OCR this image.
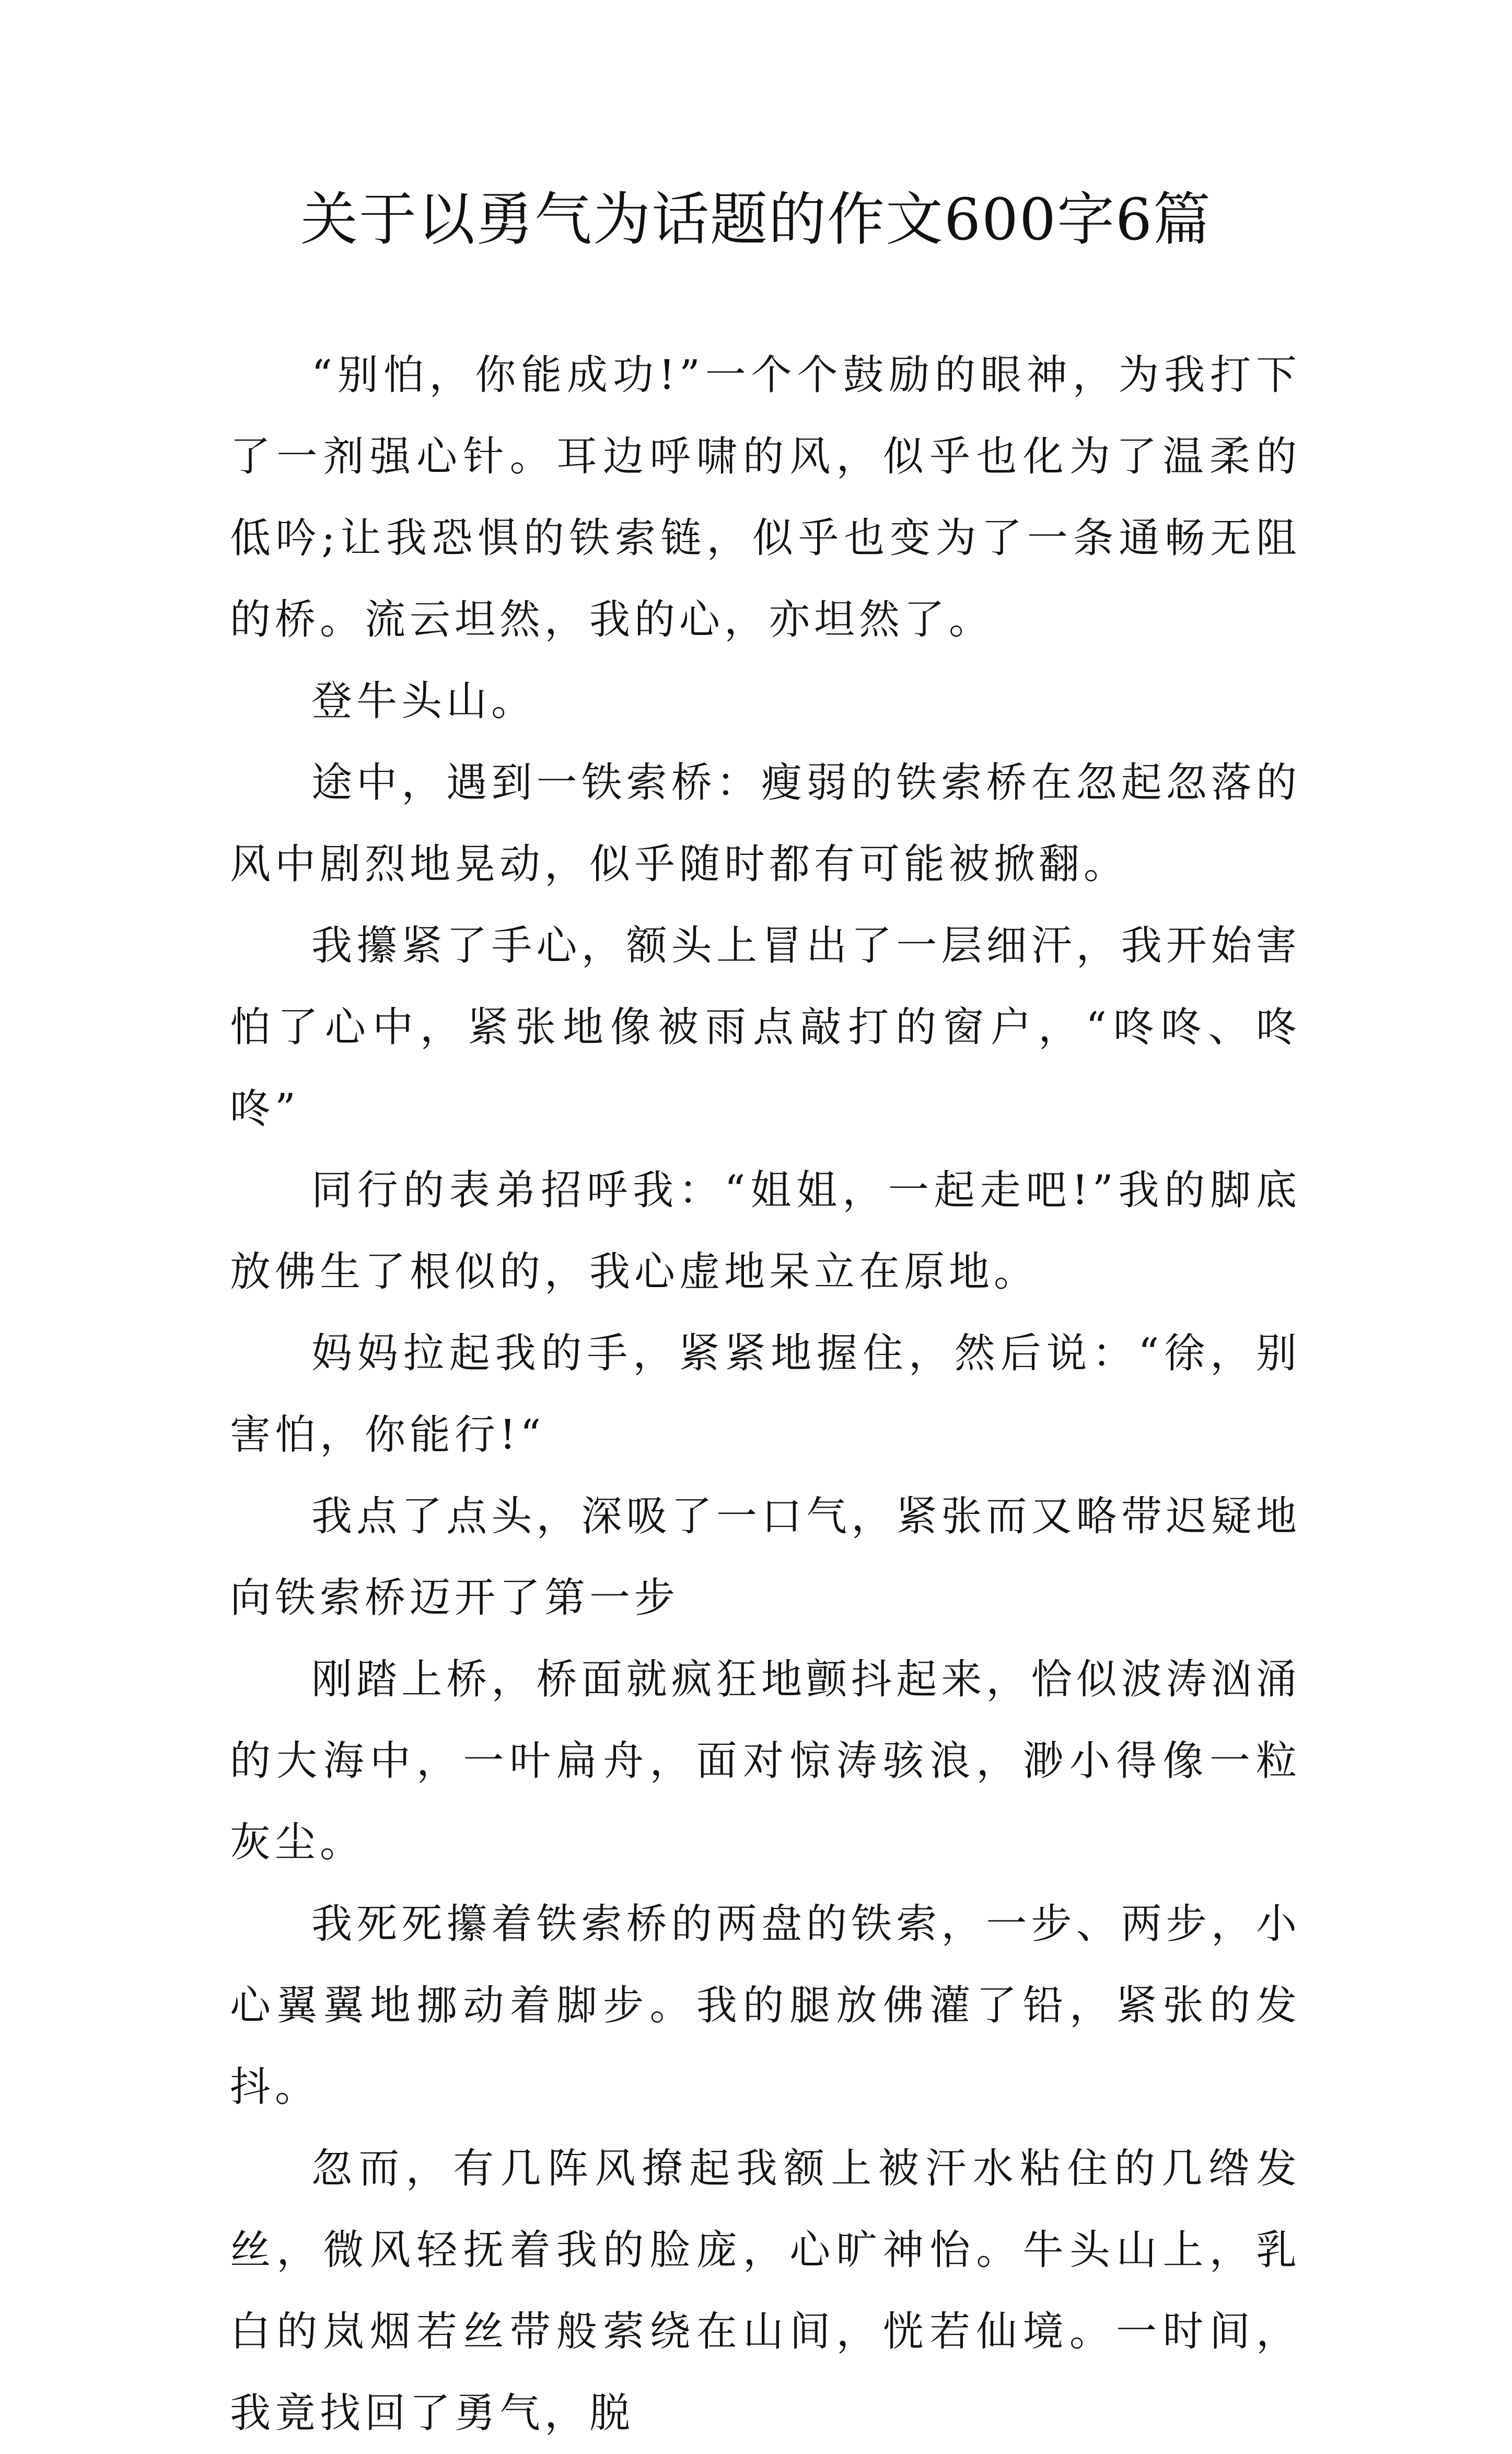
关于以勇气为话题的作文600字6篇

“别怕，你能成功!”一个个鼓励的眼神，为我打下了一剂强心针。耳边呼啸的风，似乎也化为了温柔的低吟;让我恐惧的铁索链，似乎也变为了一条通畅无阻的桥。流云坦然，我的心，亦坦然了。

登牛头山。

途中，遇到一铁索桥：瘦弱的铁索桥在忽起忽落的风中剧烈地晃动，似乎随时都有可能被掀翻。

我攥紧了手心，额头上冒出了一层细汗，我开始害怕了心中，紧张地像被雨点敲打的窗户，“咚咚、咚咚”

同行的表弟招呼我：“姐姐，一起走吧!”我的脚底放佛生了根似的，我心虚地呆立在原地。

妈妈拉起我的手，紧紧地握住，然后说：“徐，别害怕，你能行!“

我点了点头，深吸了一口气，紧张而又略带迟疑地向铁索桥迈开了第一步

刚踏上桥，桥面就疯狂地颤抖起来，恰似波涛汹涌的大海中，一叶扁舟，面对惊涛骇浪，渺小得像一粒灰尘。

我死死攥着铁索桥的两盘的铁索，一步、两步，小心翼翼地挪动着脚步。我的腿放佛灌了铅，紧张的发抖。

忽而，有几阵风撩起我额上被汗水粘住的几绺发丝，微风轻抚着我的脸庞，心旷神怡。牛头山上，乳白的岚烟若丝带般萦绕在山间，恍若仙境。一时间，我竟找回了勇气，脱
